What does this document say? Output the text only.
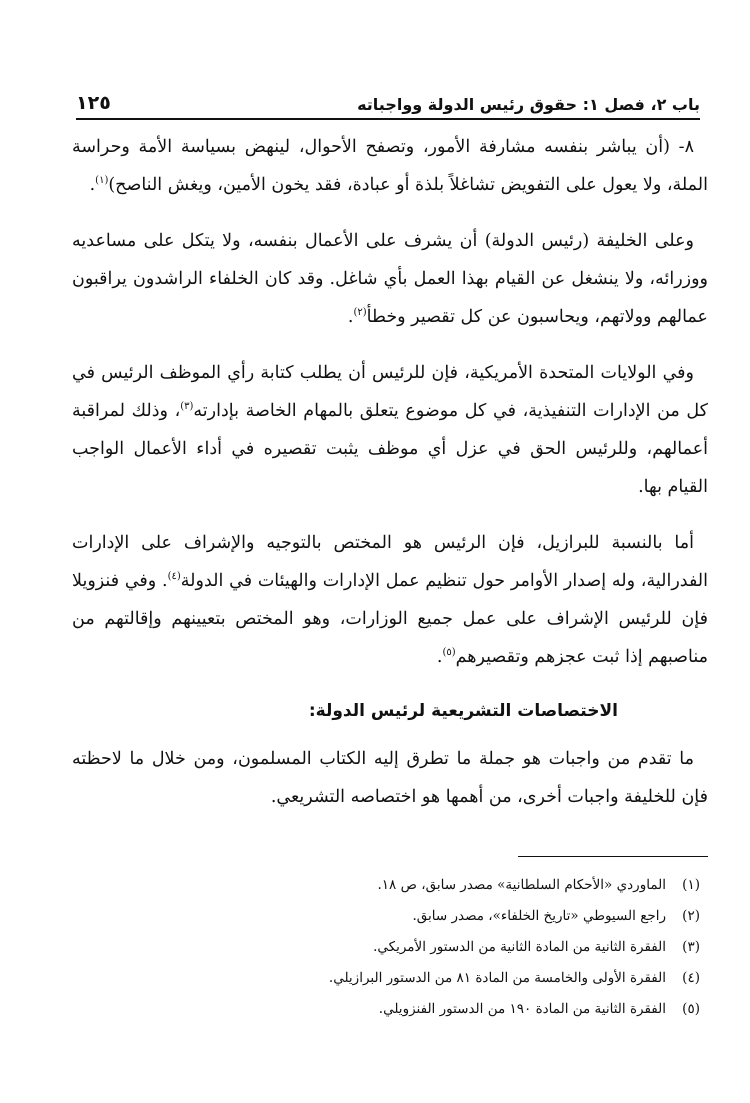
باب ٢، فصل ١: حقوق رئيس الدولة وواجباته
١٢٥

٨- (أن يباشر بنفسه مشارفة الأمور، وتصفح الأحوال، لينهض بسياسة الأمة وحراسة الملة، ولا يعول على التفويض تشاغلاً بلذة أو عبادة، فقد يخون الأمين، ويغش الناصح)$^{(١)}$.

وعلى الخليفة (رئيس الدولة) أن يشرف على الأعمال بنفسه، ولا يتكل على مساعديه ووزرائه، ولا ينشغل عن القيام بهذا العمل بأي شاغل. وقد كان الخلفاء الراشدون يراقبون عمالهم وولاتهم، ويحاسبون عن كل تقصير وخطأ$^{(٢)}$.

وفي الولايات المتحدة الأمريكية، فإن للرئيس أن يطلب كتابة رأي الموظف الرئيس في كل من الإدارات التنفيذية، في كل موضوع يتعلق بالمهام الخاصة بإدارته$^{(٣)}$، وذلك لمراقبة أعمالهم، وللرئيس الحق في عزل أي موظف يثبت تقصيره في أداء الأعمال الواجب القيام بها.

أما بالنسبة للبرازيل، فإن الرئيس هو المختص بالتوجيه والإشراف على الإدارات الفدرالية، وله إصدار الأوامر حول تنظيم عمل الإدارات والهيئات في الدولة$^{(٤)}$. وفي فنزويلا فإن للرئيس الإشراف على عمل جميع الوزارات، وهو المختص بتعيينهم وإقالتهم من مناصبهم إذا ثبت عجزهم وتقصيرهم$^{(٥)}$.

الاختصاصات التشريعية لرئيس الدولة:

ما تقدم من واجبات هو جملة ما تطرق إليه الكتاب المسلمون، ومن خلال ما لاحظته فإن للخليفة واجبات أخرى، من أهمها هو اختصاصه التشريعي.

(١)
الماوردي «الأحكام السلطانية» مصدر سابق، ص ١٨.
(٢)
راجع السيوطي «تاريخ الخلفاء»، مصدر سابق.
(٣)
الفقرة الثانية من المادة الثانية من الدستور الأمريكي.
(٤)
الفقرة الأولى والخامسة من المادة ٨١ من الدستور البرازيلي.
(٥)
الفقرة الثانية من المادة ١٩٠ من الدستور الفنزويلي.
